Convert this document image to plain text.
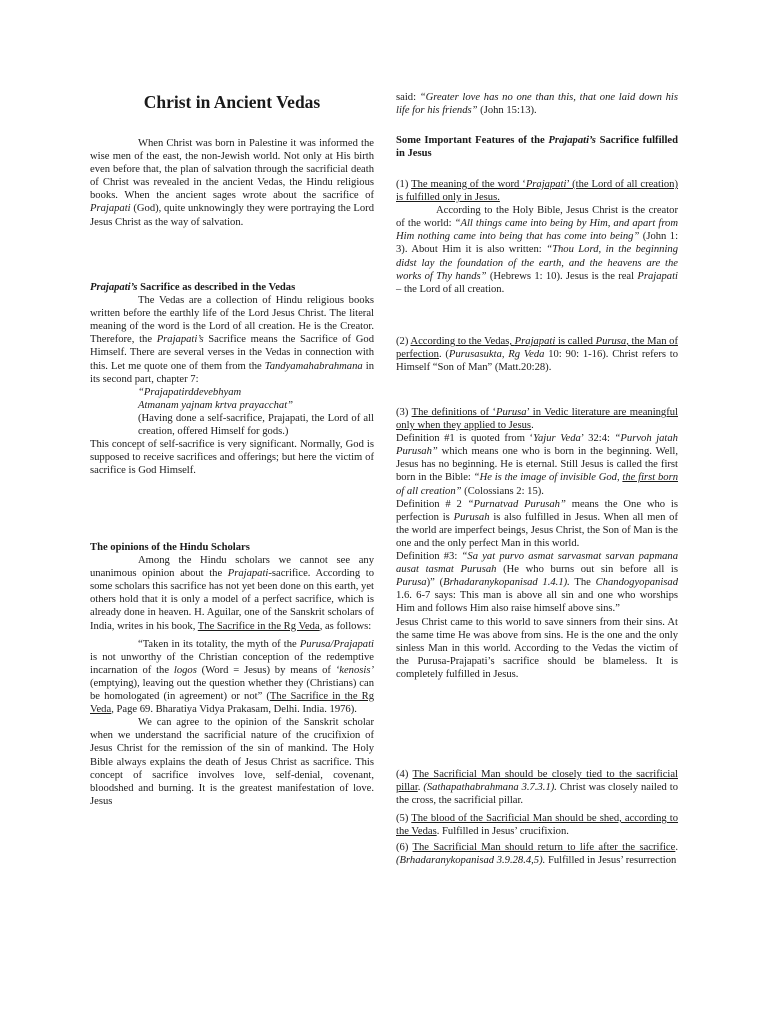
Christ in Ancient Vedas

When Christ was born in Palestine it was informed the wise men of the east, the non-Jewish world. Not only at His birth even before that, the plan of salvation through the sacrificial death of Christ was revealed in the ancient Vedas, the Hindu religious books. When the ancient sages wrote about the sacrifice of Prajapati (God), quite unknowingly they were portraying the Lord Jesus Christ as the way of salvation.

Prajapati’s Sacrifice as described in the Vedas

The Vedas are a collection of Hindu religious books written before the earthly life of the Lord Jesus Christ. The literal meaning of the word is the Lord of all creation. He is the Creator. Therefore, the Prajapati’s Sacrifice means the Sacrifice of God Himself. There are several verses in the Vedas in connection with this. Let me quote one of them from the Tandyamahabrahmana in its second part, chapter 7:

“Prajapatirddevebhyam

Atmanam yajnam krtva prayacchat”

(Having done a self-sacrifice, Prajapati, the Lord of all creation, offered Himself for gods.)

This concept of self-sacrifice is very significant. Normally, God is supposed to receive sacrifices and offerings; but here the victim of sacrifice is God Himself.

The opinions of the Hindu Scholars

Among the Hindu scholars we cannot see any unanimous opinion about the Prajapati-sacrifice. According to some scholars this sacrifice has not yet been done on this earth, yet others hold that it is only a model of a perfect sacrifice, which is already done in heaven. H. Aguilar, one of the Sanskrit scholars of India, writes in his book, The Sacrifice in the Rg Veda, as follows:

“Taken in its totality, the myth of the Purusa/Prajapati is not unworthy of the Christian conception of the redemptive incarnation of the logos (Word = Jesus) by means of ‘kenosis’ (emptying), leaving out the question whether they (Christians) can be homologated (in agreement) or not” (The Sacrifice in the Rg Veda, Page 69. Bharatiya Vidya Prakasam, Delhi. India. 1976).

We can agree to the opinion of the Sanskrit scholar when we understand the sacrificial nature of the crucifixion of Jesus Christ for the remission of the sin of mankind. The Holy Bible always explains the death of Jesus Christ as sacrifice. This concept of sacrifice involves love, self-denial, covenant, bloodshed and burning. It is the greatest manifestation of love. Jesus

said: “Greater love has no one than this, that one laid down his life for his friends” (John 15:13).

Some Important Features of the Prajapati’s Sacrifice fulfilled in Jesus

(1) The meaning of the word ‘Prajapati’ (the Lord of all creation) is fulfilled only in Jesus.

According to the Holy Bible, Jesus Christ is the creator of the world: “All things came into being by Him, and apart from Him nothing came into being that has come into being” (John 1: 3). About Him it is also written: “Thou Lord, in the beginning didst lay the foundation of the earth, and the heavens are the works of Thy hands” (Hebrews 1: 10). Jesus is the real Prajapati – the Lord of all creation.

(2) According to the Vedas, Prajapati is called Purusa, the Man of perfection. (Purusasukta, Rg Veda 10: 90: 1-16). Christ refers to Himself “Son of Man” (Matt.20:28).

(3) The definitions of ‘Purusa’ in Vedic literature are meaningful only when they applied to Jesus.

Definition #1 is quoted from ‘Yajur Veda’ 32:4: “Purvoh jatah Purusah” which means one who is born in the beginning. Well, Jesus has no beginning. He is eternal. Still Jesus is called the first born in the Bible: “He is the image of invisible God, the first born of all creation” (Colossians 2: 15).

Definition # 2 “Purnatvad Purusah” means the One who is perfection is Purusah is also fulfilled in Jesus. When all men of the world are imperfect beings, Jesus Christ, the Son of Man is the one and the only perfect Man in this world.

Definition #3: “Sa yat purvo asmat sarvasmat sarvan papmana ausat tasmat Purusah (He who burns out sin before all is Purusa)” (Brhadaranykopanisad 1.4.1). The Chandogyopanisad 1.6. 6-7 says: This man is above all sin and one who worships Him and follows Him also raise himself above sins.”

Jesus Christ came to this world to save sinners from their sins. At the same time He was above from sins. He is the one and the only sinless Man in this world. According to the Vedas the victim of the Purusa-Prajapati’s sacrifice should be blameless. It is completely fulfilled in Jesus.

(4) The Sacrificial Man should be closely tied to the sacrificial pillar. (Sathapathabrahmana 3.7.3.1). Christ was closely nailed to the cross, the sacrificial pillar.

(5) The blood of the Sacrificial Man should be shed, according to the Vedas. Fulfilled in Jesus’ crucifixion.

(6) The Sacrificial Man should return to life after the sacrifice. (Brhadaranykopanisad 3.9.28.4,5). Fulfilled in Jesus’ resurrection
